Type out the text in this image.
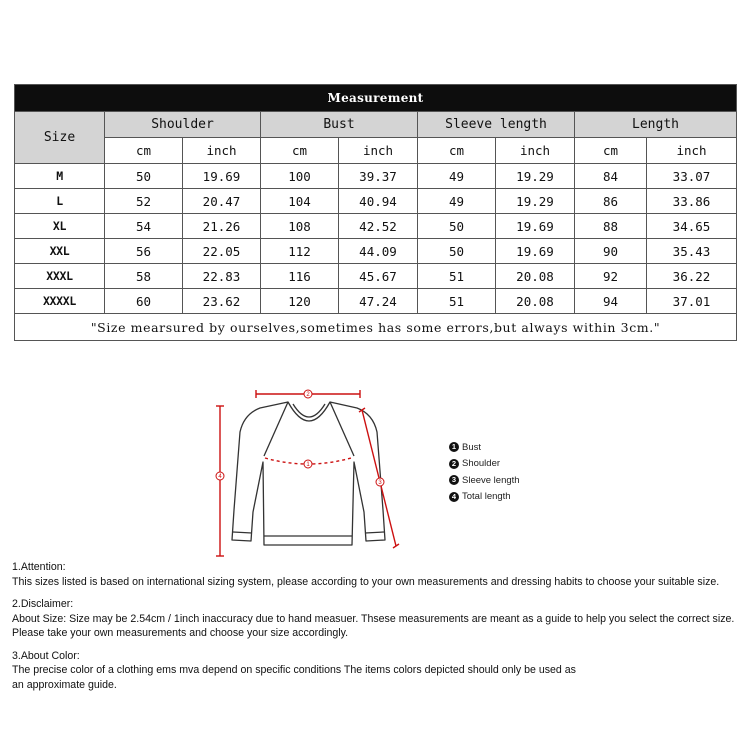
Measurement								
Size	Shoulder		Bust		Sleeve length		Length	
	cm	inch	cm	inch	cm	inch	cm	inch
M	50	19.69	100	39.37	49	19.29	84	33.07
L	52	20.47	104	40.94	49	19.29	86	33.86
XL	54	21.26	108	42.52	50	19.69	88	34.65
XXL	56	22.05	112	44.09	50	19.69	90	35.43
XXXL	58	22.83	116	45.67	51	20.08	92	36.22
XXXXL	60	23.62	120	47.24	51	20.08	94	37.01
"Size mearsured by ourselves,sometimes has some errors,but always within 3cm."								
2
1
4
3
1 Bust
2 Shoulder
3 Sleeve length
4 Total length

1.Attention:

This sizes listed is based on international sizing system, please according to your own measurements and dressing habits to choose your suitable size.

2.Disclaimer:

About Size: Size may be 2.54cm / 1inch inaccuracy due to hand measuer. Thsese measurements are meant as a guide to help you select the correct size.

Please take your own measurements and choose your size accordingly.

3.About Color:

The precise color of a clothing ems mva depend on specific conditions The items colors depicted should only be used as

an approximate guide.
